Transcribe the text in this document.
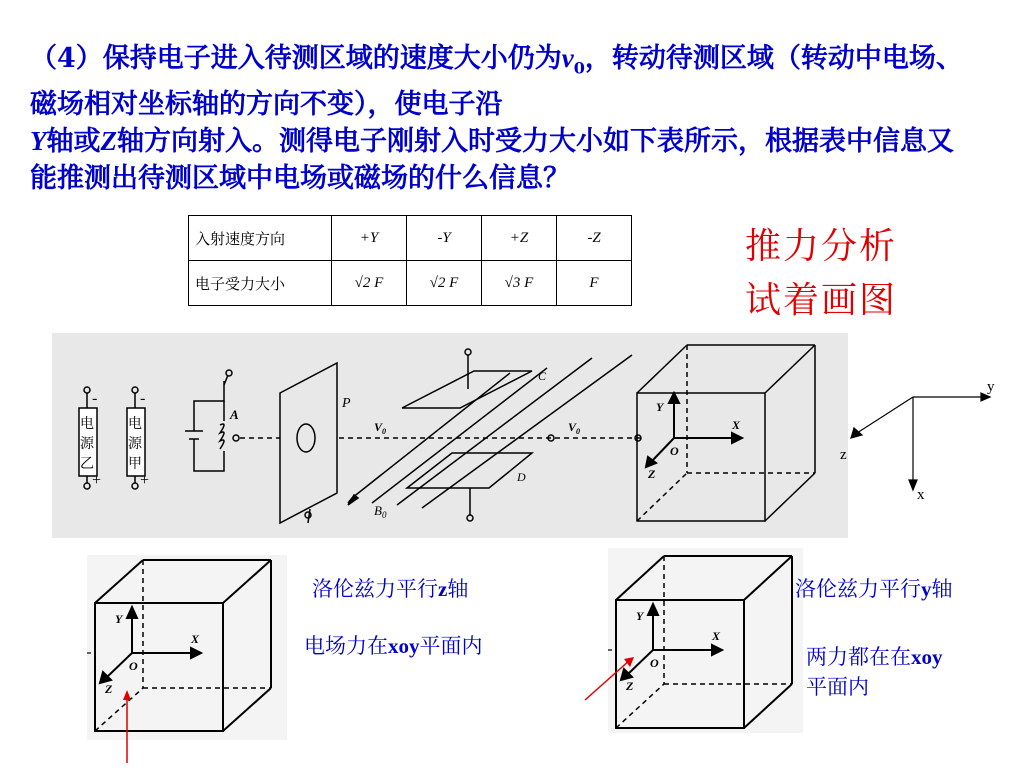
（4）保持电子进入待测区域的速度大小仍为$v_0$，转动待测区域（转动中电场、磁场相对坐标轴的方向不变），使电子沿
Y轴或Z轴方向射入。测得电子刚射入时受力大小如下表所示，根据表中信息又能推测出待测区域中电场或磁场的什么信息？

入射速度方向	+Y	-Y	+Z	-Z
电子受力大小	√2 F	√2 F	√3 F	F
推力分析
试着画图
电
源
乙
电
源
甲
-
+
-
+
A
P
C
D
$B_0$
$V_0$	$V_0$
Y
X
Z
O
y
z
x
Y
X
Z
O
Y
X
Z
O
洛伦兹力平行z轴
电场力在xoy平面内
洛伦兹力平行y轴
两力都在在xoy
平面内
